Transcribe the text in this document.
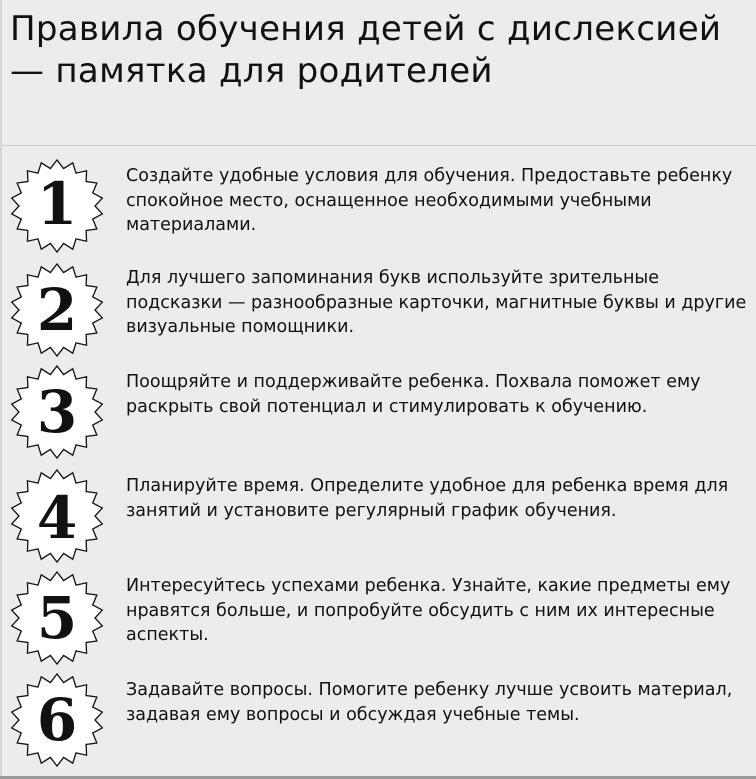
Правила обучения детей с дислексией — памятка для родителей
1	Создайте удобные условия для обучения. Предоставьте ребенку спокойное место, оснащенное необходимыми учебными материалами.

2	Для лучшего запоминания букв используйте зрительные подсказки — разнообразные карточки, магнитные буквы и другие визуальные помощники.

3	Поощряйте и поддерживайте ребенка. Похвала поможет ему раскрыть свой потенциал и стимулировать к обучению.

4	Планируйте время. Определите удобное для ребенка время для занятий и установите регулярный график обучения.

5	Интересуйтесь успехами ребенка. Узнайте, какие предметы ему нравятся больше, и попробуйте обсудить с ним их интересные аспекты.

6	Задавайте вопросы. Помогите ребенку лучше усвоить материал, задавая ему вопросы и обсуждая учебные темы.
